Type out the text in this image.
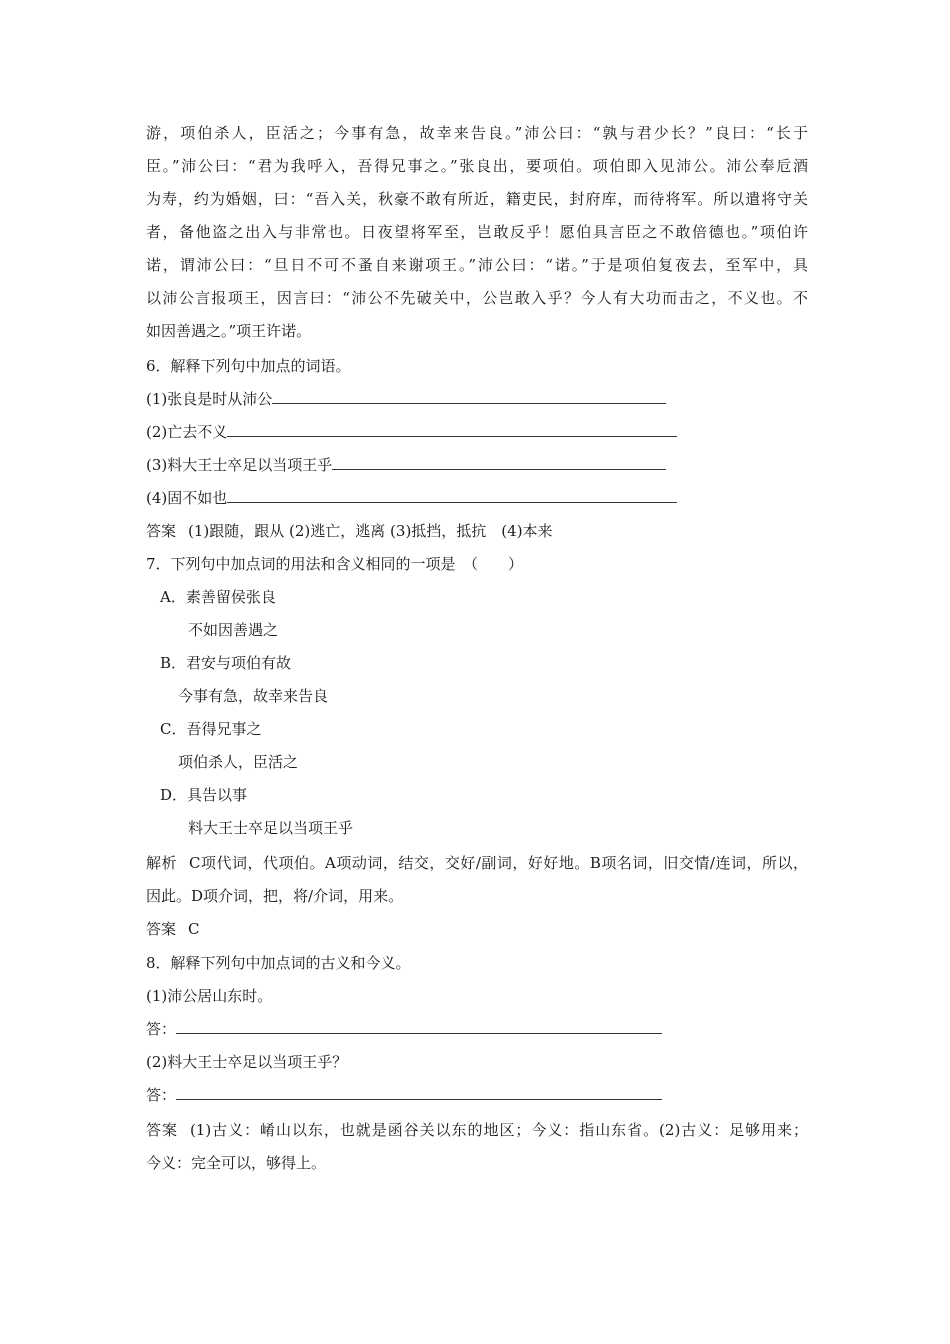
游，项伯杀人，臣活之；今事有急，故幸来告良。”沛公曰：“孰与君少长？”良曰：“长于
臣。”沛公曰：“君为我呼入，吾得兄事之。”张良出，要项伯。项伯即入见沛公。沛公奉卮酒
为寿，约为婚姻，曰：“吾入关，秋豪不敢有所近，籍吏民，封府库，而待将军。所以遣将守关
者，备他盗之出入与非常也。日夜望将军至，岂敢反乎！愿伯具言臣之不敢倍德也。”项伯许
诺，谓沛公曰：“旦日不可不蚤自来谢项王。”沛公曰：“诺。”于是项伯复夜去，至军中，具
以沛公言报项王，因言曰：“沛公不先破关中，公岂敢入乎？今人有大功而击之，不义也。不
如因善遇之。”项王许诺。
6．解释下列句中加点的词语。
(1)张良是时从沛公
(2)亡去不义
(3)料大王士卒足以当项王乎
(4)固不如也
答案 (1)跟随，跟从 (2)逃亡，逃离 (3)抵挡，抵抗　(4)本来
7．下列句中加点词的用法和含义相同的一项是　（　　）
A．素善留侯张良
不如因善遇之
B．君安与项伯有故
今事有急，故幸来告良
C．吾得兄事之
项伯杀人，臣活之
D．具告以事
料大王士卒足以当项王乎
解析 C项代词，代项伯。A项动词，结交，交好/副词，好好地。B项名词，旧交情/连词，所以，
因此。D项介词，把，将/介词，用来。
答案 C
8．解释下列句中加点词的古义和今义。
(1)沛公居山东时。
答：
(2)料大王士卒足以当项王乎？
答：
答案 (1)古义：崤山以东，也就是函谷关以东的地区；今义：指山东省。(2)古义：足够用来；
今义：完全可以，够得上。
